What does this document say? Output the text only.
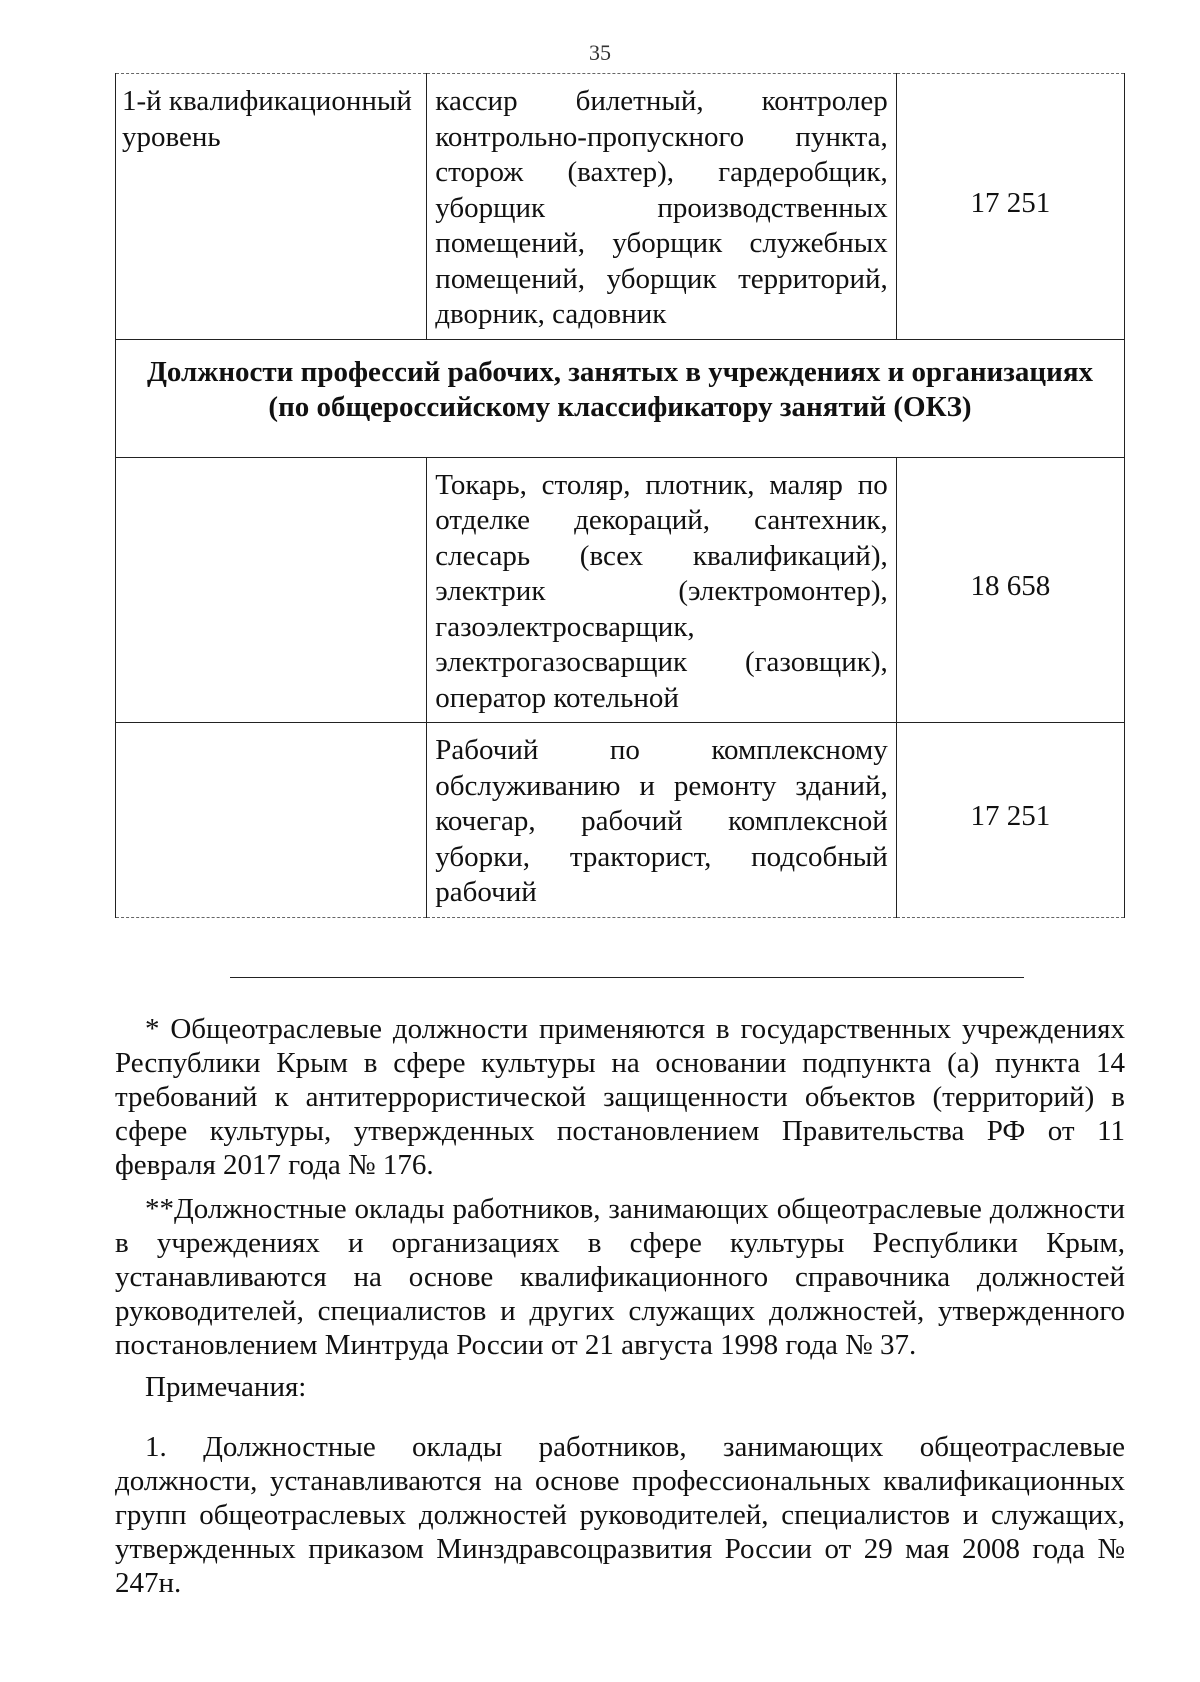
35
1-й квалификационный уровень	кассир билетный, контролер контрольно-пропускного пункта, сторож (вахтер), гардеробщик, уборщик производственных помещений, уборщик служебных помещений, уборщик территорий, дворник, садовник	17 251
Должности профессий рабочих, занятых в учреждениях и организациях (по общероссийскому классификатору занятий (ОКЗ)		
	Токарь, столяр, плотник, маляр по отделке декораций, сантехник, слесарь (всех квалификаций), электрик (электромонтер), газоэлектросварщик, электрогазосварщик (газовщик), оператор котельной	18 658
	Рабочий по комплексному обслуживанию и ремонту зданий, кочегар, рабочий комплексной уборки, тракторист, подсобный рабочий	17 251

* Общеотраслевые должности применяются в государственных учреждениях Республики Крым в сфере культуры на основании подпункта (а) пункта 14 требований к антитеррористической защищенности объектов (территорий) в сфере культуры, утвержденных постановлением Правительства РФ от 11 февраля 2017 года № 176.

**Должностные оклады работников, занимающих общеотраслевые должности в учреждениях и организациях в сфере культуры Республики Крым, устанавливаются на основе квалификационного справочника должностей руководителей, специалистов и других служащих должностей, утвержденного постановлением Минтруда России от 21 августа 1998 года № 37.

Примечания:

1. Должностные оклады работников, занимающих общеотраслевые должности, устанавливаются на основе профессиональных квалификационных групп общеотраслевых должностей руководителей, специалистов и служащих, утвержденных приказом Минздравсоцразвития России от 29 мая 2008 года № 247н.
